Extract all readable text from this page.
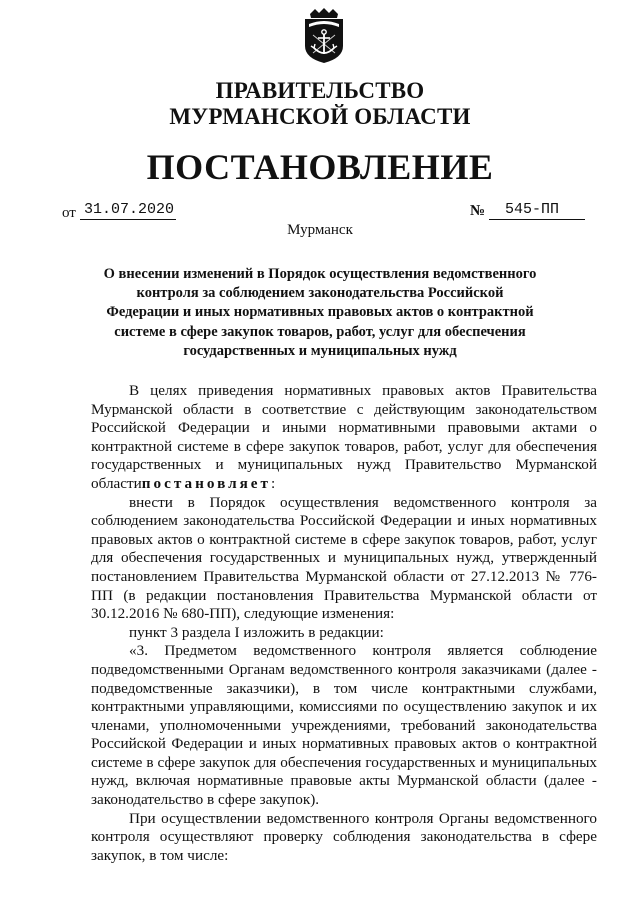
ПРАВИТЕЛЬСТВО
МУРМАНСКОЙ ОБЛАСТИ
ПОСТАНОВЛЕНИЕ
от 31.07.2020	№ 545-ПП
Мурманск
О внесении изменений в Порядок осуществления ведомственного контроля за соблюдением законодательства Российской Федерации и иных нормативных правовых актов о контрактной системе в сфере закупок товаров, работ, услуг для обеспечения государственных и муниципальных нужд

В целях приведения нормативных правовых актов Правительства Мурманской области в соответствие с действующим законодательством Российской Федерации и иными нормативными правовыми актами о контрактной системе в сфере закупок товаров, работ, услуг для обеспечения государственных и муниципальных нужд Правительство Мурманской областипостановляет:

внести в Порядок осуществления ведомственного контроля за соблюдением законодательства Российской Федерации и иных нормативных правовых актов о контрактной системе в сфере закупок товаров, работ, услуг для обеспечения государственных и муниципальных нужд, утвержденный постановлением Правительства Мурманской области от 27.12.2013 № 776-ПП (в редакции постановления Правительства Мурманской области от 30.12.2016 № 680-ПП), следующие изменения:

пункт 3 раздела I изложить в редакции:

«3. Предметом ведомственного контроля является соблюдение подведомственными Органам ведомственного контроля заказчиками (далее - подведомственные заказчики), в том числе контрактными службами, контрактными управляющими, комиссиями по осуществлению закупок и их членами, уполномоченными учреждениями, требований законодательства Российской Федерации и иных нормативных правовых актов о контрактной системе в сфере закупок для обеспечения государственных и муниципальных нужд, включая нормативные правовые акты Мурманской области (далее - законодательство в сфере закупок).

При осуществлении ведомственного контроля Органы ведомственного контроля осуществляют проверку соблюдения законодательства в сфере закупок, в том числе:
